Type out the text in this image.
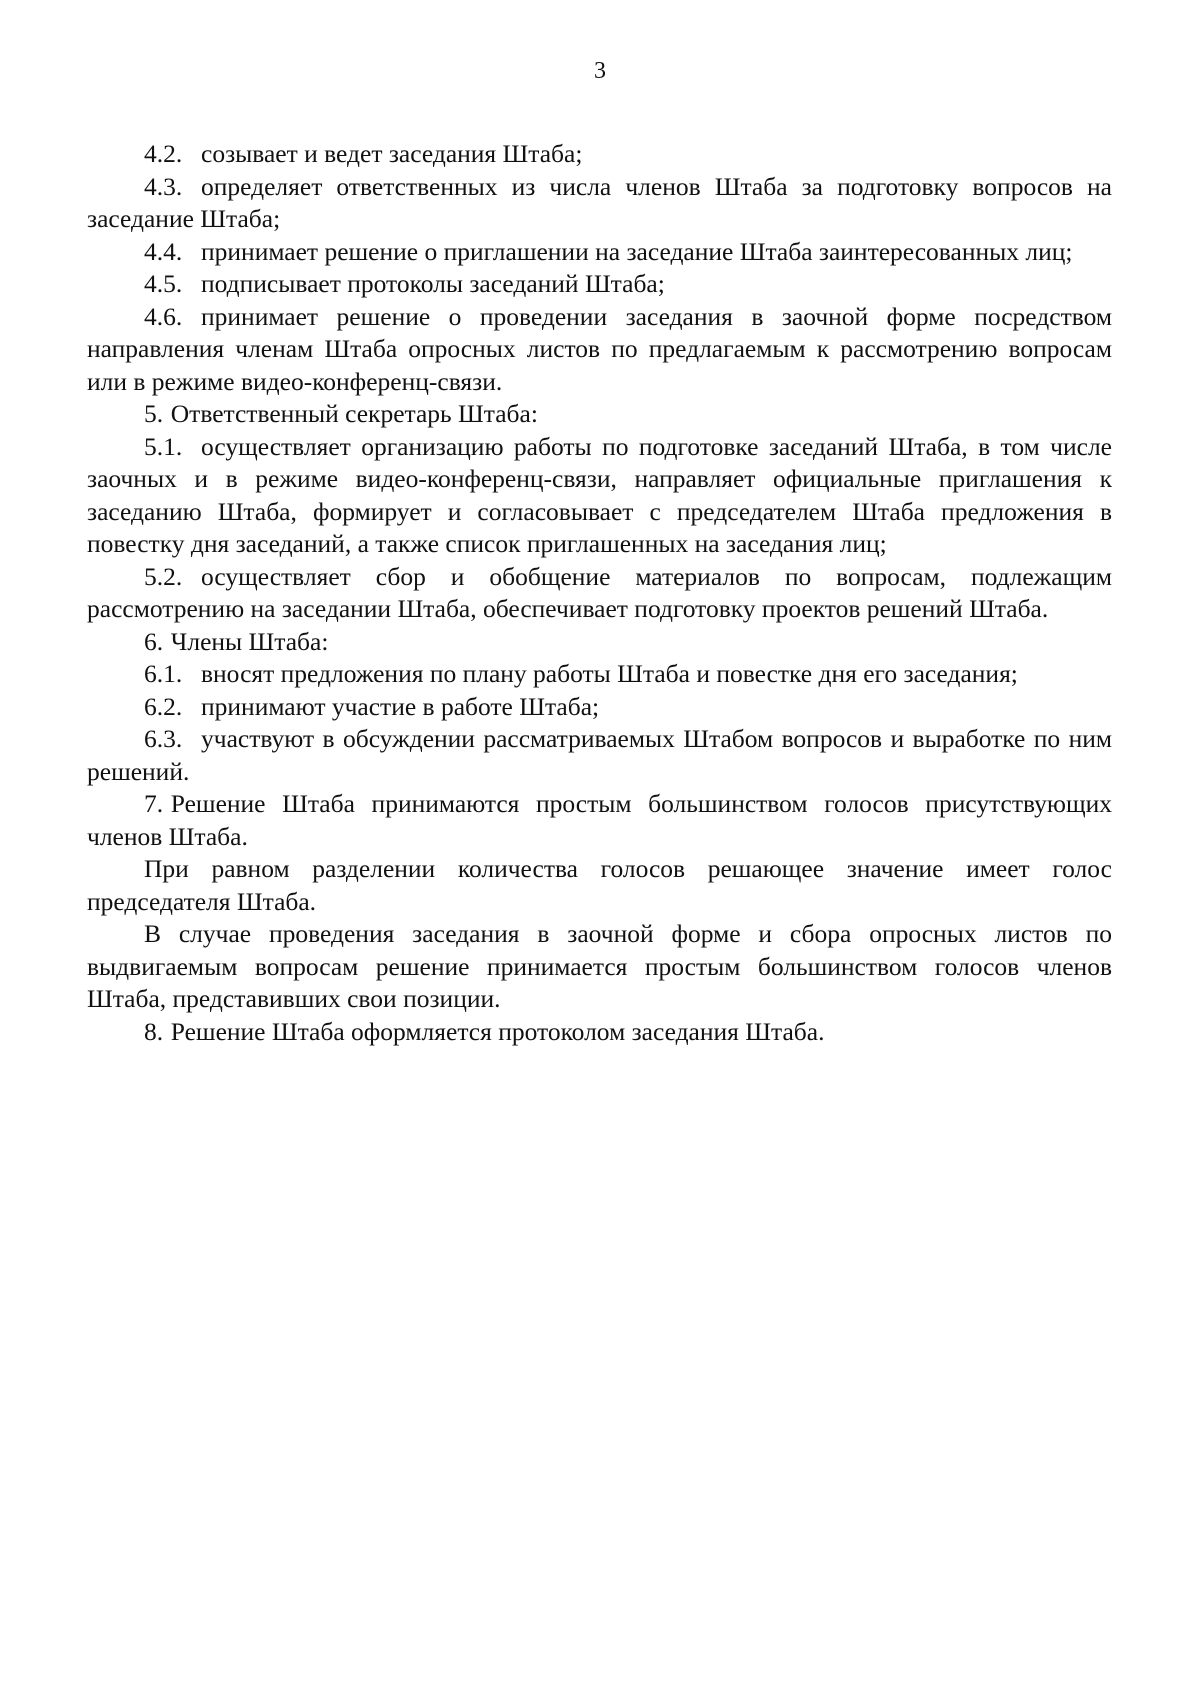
3

4.2. созывает и ведет заседания Штаба;

4.3. определяет ответственных из числа членов Штаба за подготовку вопросов на заседание Штаба;

4.4. принимает решение о приглашении на заседание Штаба заинтересованных лиц;

4.5. подписывает протоколы заседаний Штаба;

4.6. принимает решение о проведении заседания в заочной форме посредством направления членам Штаба опросных листов по предлагаемым к рассмотрению вопросам или в режиме видео-конференц-связи.

5. Ответственный секретарь Штаба:

5.1. осуществляет организацию работы по подготовке заседаний Штаба, в том числе заочных и в режиме видео-конференц-связи, направляет официальные приглашения к заседанию Штаба, формирует и согласовывает с председателем Штаба предложения в повестку дня заседаний, а также список приглашенных на заседания лиц;

5.2. осуществляет сбор и обобщение материалов по вопросам, подлежащим рассмотрению на заседании Штаба, обеспечивает подготовку проектов решений Штаба.

6. Члены Штаба:

6.1. вносят предложения по плану работы Штаба и повестке дня его заседания;

6.2. принимают участие в работе Штаба;

6.3. участвуют в обсуждении рассматриваемых Штабом вопросов и выработке по ним решений.

7. Решение Штаба принимаются простым большинством голосов присутствующих членов Штаба.

При равном разделении количества голосов решающее значение имеет голос председателя Штаба.

В случае проведения заседания в заочной форме и сбора опросных листов по выдвигаемым вопросам решение принимается простым большинством голосов членов Штаба, представивших свои позиции.

8. Решение Штаба оформляется протоколом заседания Штаба.
